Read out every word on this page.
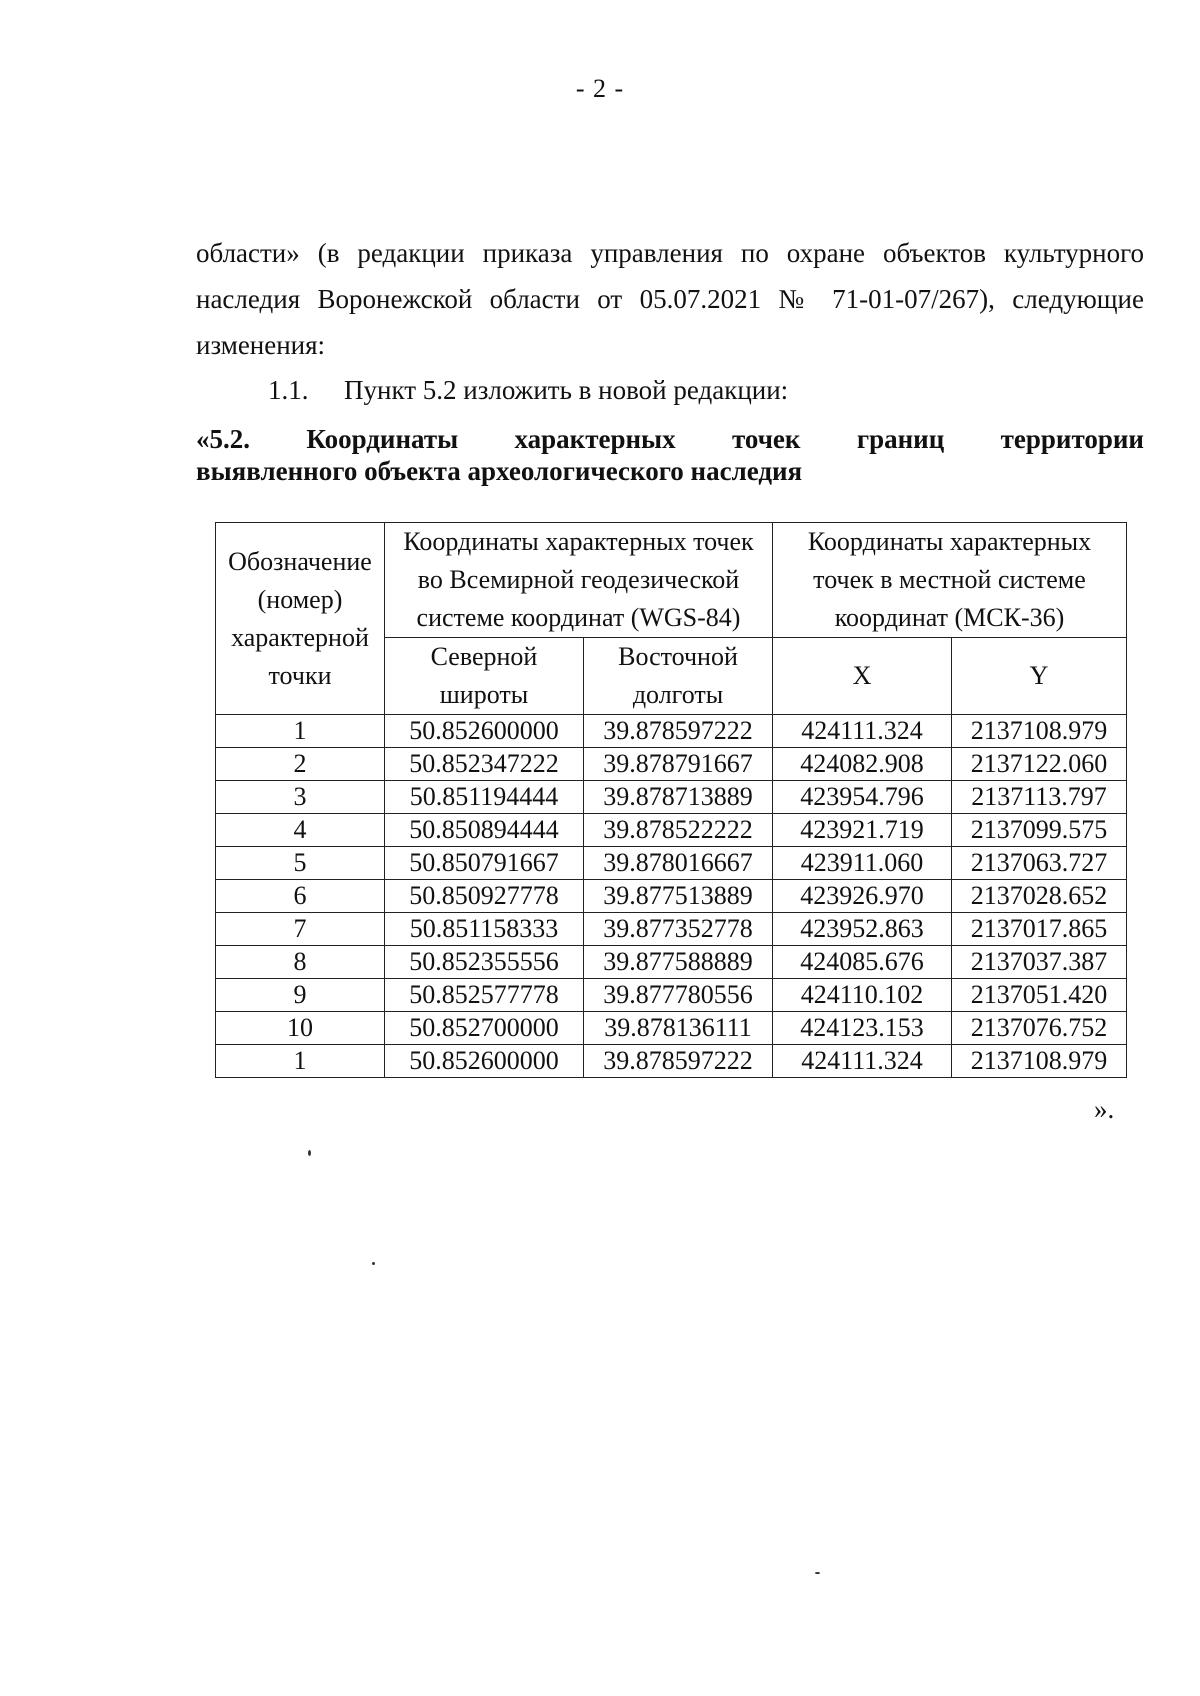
- 2 -
области» (в редакции приказа управления по охране объектов культурного
наследия Воронежской области от 05.07.2021 № 71-01-07/267), следующие
изменения:
1.1. Пункт 5.2 изложить в новой редакции:
«5.2. Координаты характерных точек границ территории
выявленного объекта археологического наследия
Обозначение (номер) характерной точки	Координаты характерных точек во Всемирной геодезической системе координат (WGS-84)		Координаты характерных точек в местной системе координат (МСК-36)	
	Северной широты	Восточной долготы	X	Y
1	50.852600000	39.878597222	424111.324	2137108.979
2	50.852347222	39.878791667	424082.908	2137122.060
3	50.851194444	39.878713889	423954.796	2137113.797
4	50.850894444	39.878522222	423921.719	2137099.575
5	50.850791667	39.878016667	423911.060	2137063.727
6	50.850927778	39.877513889	423926.970	2137028.652
7	50.851158333	39.877352778	423952.863	2137017.865
8	50.852355556	39.877588889	424085.676	2137037.387
9	50.852577778	39.877780556	424110.102	2137051.420
10	50.852700000	39.878136111	424123.153	2137076.752
1	50.852600000	39.878597222	424111.324	2137108.979
».
